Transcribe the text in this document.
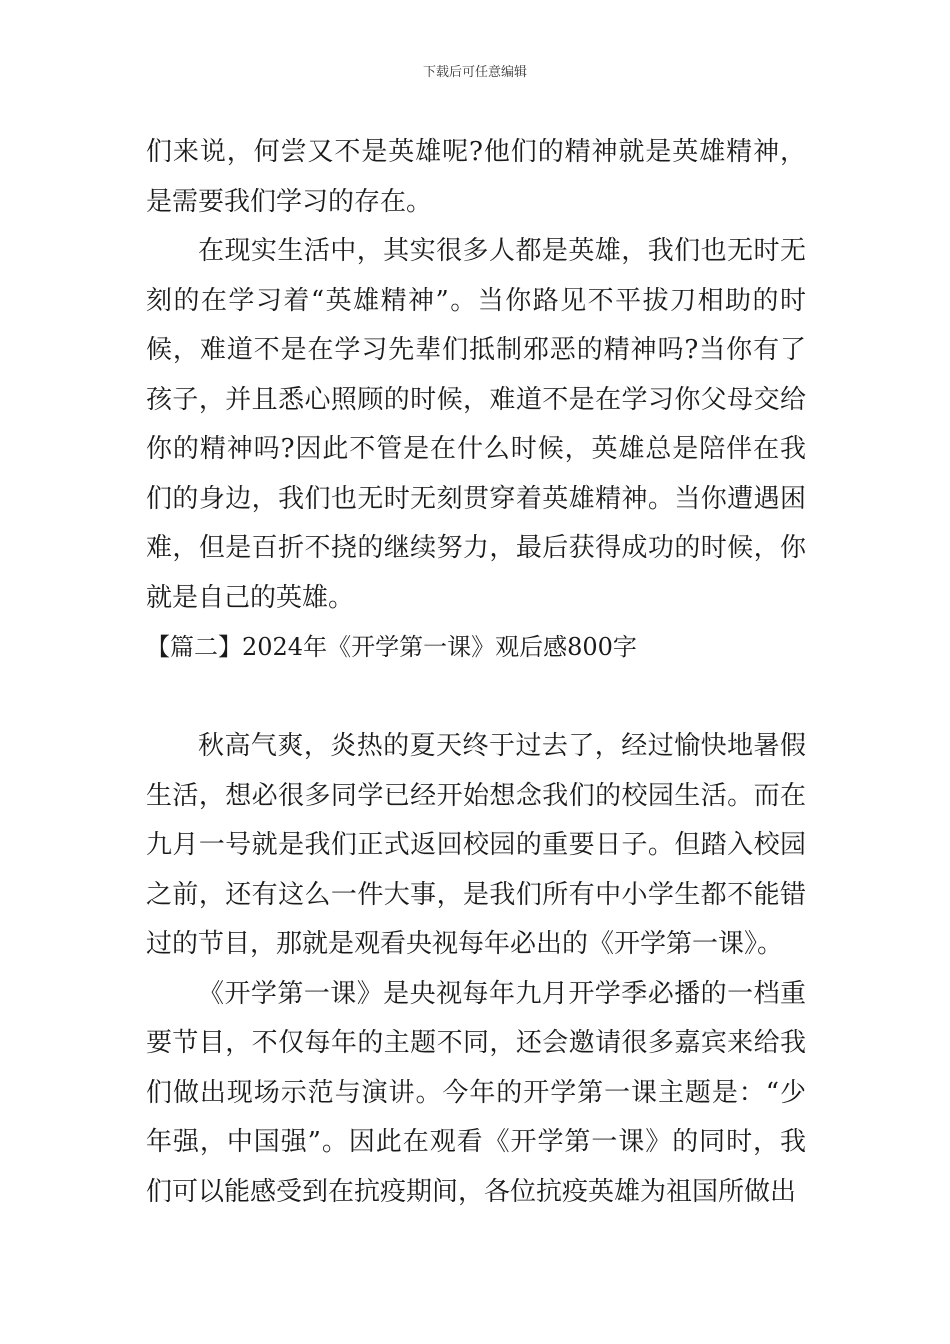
下载后可任意编辑

们来说，何尝又不是英雄呢?他们的精神就是英雄精神，是需要我们学习的存在。

在现实生活中，其实很多人都是英雄，我们也无时无刻的在学习着“英雄精神”。当你路见不平拔刀相助的时候，难道不是在学习先辈们抵制邪恶的精神吗?当你有了孩子，并且悉心照顾的时候，难道不是在学习你父母交给你的精神吗?因此不管是在什么时候，英雄总是陪伴在我们的身边，我们也无时无刻贯穿着英雄精神。当你遭遇困难，但是百折不挠的继续努力，最后获得成功的时候，你就是自己的英雄。

【篇二】2024年《开学第一课》观后感800字

秋高气爽，炎热的夏天终于过去了，经过愉快地暑假生活，想必很多同学已经开始想念我们的校园生活。而在九月一号就是我们正式返回校园的重要日子。但踏入校园之前，还有这么一件大事，是我们所有中小学生都不能错过的节目，那就是观看央视每年必出的《开学第一课》。

《开学第一课》是央视每年九月开学季必播的一档重要节目，不仅每年的主题不同，还会邀请很多嘉宾来给我们做出现场示范与演讲。今年的开学第一课主题是：“少年强，中国强”。因此在观看《开学第一课》的同时，我们可以能感受到在抗疫期间，各位抗疫英雄为祖国所做出
